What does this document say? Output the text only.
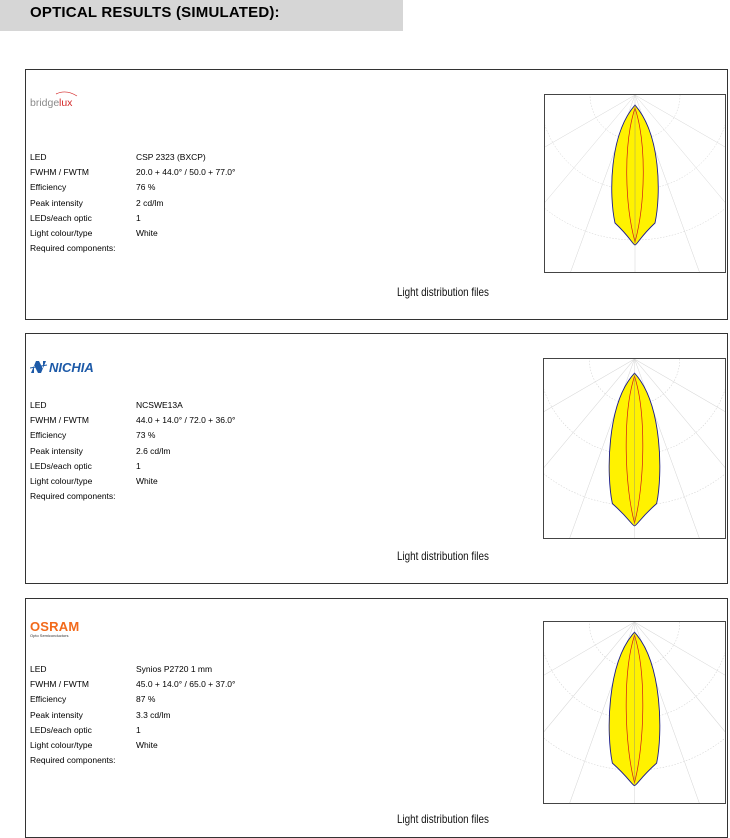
OPTICAL RESULTS (SIMULATED):
bridge lux
LED	CSP 2323 (BXCP)
FWHM / FWTM	20.0 + 44.0° / 50.0 + 77.0°
Efficiency	76 %
Peak intensity	2 cd/lm
LEDs/each optic	1
Light colour/type	White
Required components:
Light distribution files
NICHIA
LED	NCSWE13A
FWHM / FWTM	44.0 + 14.0° / 72.0 + 36.0°
Efficiency	73 %
Peak intensity	2.6 cd/lm
LEDs/each optic	1
Light colour/type	White
Required components:
Light distribution files
OSRAM
Opto Semiconductors
LED	Synios P2720 1 mm
FWHM / FWTM	45.0 + 14.0° / 65.0 + 37.0°
Efficiency	87 %
Peak intensity	3.3 cd/lm
LEDs/each optic	1
Light colour/type	White
Required components:
Light distribution files
